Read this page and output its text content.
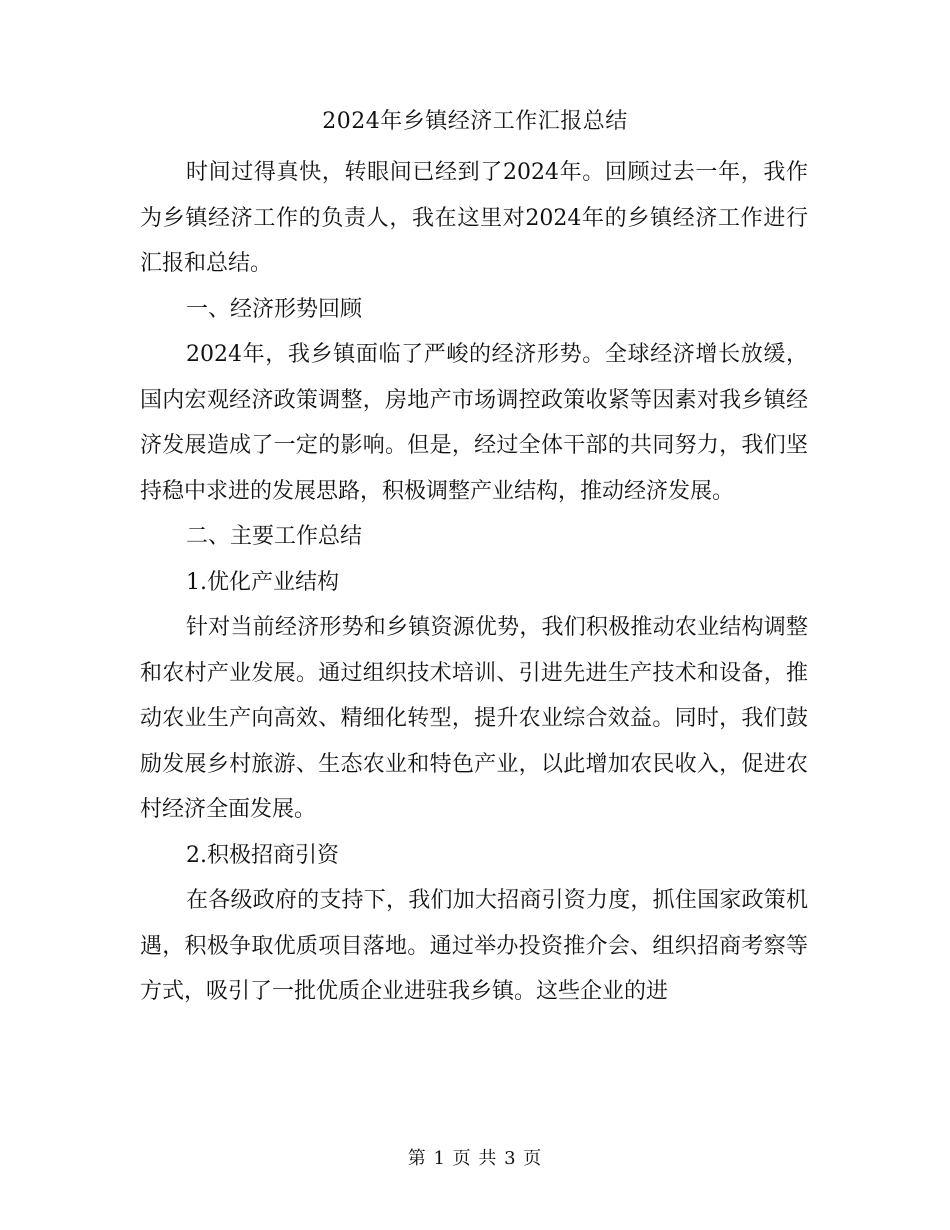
2024年乡镇经济工作汇报总结

时间过得真快，转眼间已经到了2024年。回顾过去一年，我作为乡镇经济工作的负责人，我在这里对2024年的乡镇经济工作进行汇报和总结。

一、经济形势回顾

2024年，我乡镇面临了严峻的经济形势。全球经济增长放缓，国内宏观经济政策调整，房地产市场调控政策收紧等因素对我乡镇经济发展造成了一定的影响。但是，经过全体干部的共同努力，我们坚持稳中求进的发展思路，积极调整产业结构，推动经济发展。

二、主要工作总结

1.优化产业结构

针对当前经济形势和乡镇资源优势，我们积极推动农业结构调整和农村产业发展。通过组织技术培训、引进先进生产技术和设备，推动农业生产向高效、精细化转型，提升农业综合效益。同时，我们鼓励发展乡村旅游、生态农业和特色产业，以此增加农民收入，促进农村经济全面发展。

2.积极招商引资

在各级政府的支持下，我们加大招商引资力度，抓住国家政策机遇，积极争取优质项目落地。通过举办投资推介会、组织招商考察等方式，吸引了一批优质企业进驻我乡镇。这些企业的进

第 1 页 共 3 页
